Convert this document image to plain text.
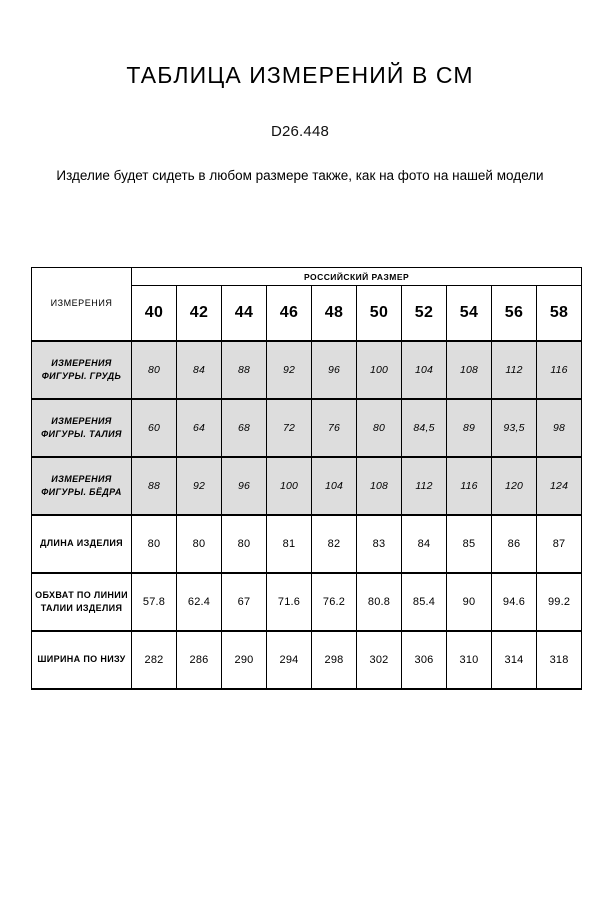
ТАБЛИЦА ИЗМЕРЕНИЙ В СМ

D26.448

Изделие будет сидеть в любом размере также, как на фото на нашей модели

ИЗМЕРЕНИЯ	РОССИЙСКИЙ РАЗМЕР									
	40	42	44	46	48	50	52	54	56	58
ИЗМЕРЕНИЯ ФИГУРЫ. ГРУДЬ	80	84	88	92	96	100	104	108	112	116
ИЗМЕРЕНИЯ ФИГУРЫ. ТАЛИЯ	60	64	68	72	76	80	84,5	89	93,5	98
ИЗМЕРЕНИЯ ФИГУРЫ. БЁДРА	88	92	96	100	104	108	112	116	120	124
ДЛИНА ИЗДЕЛИЯ	80	80	80	81	82	83	84	85	86	87
ОБХВАТ ПО ЛИНИИ ТАЛИИ ИЗДЕЛИЯ	57.8	62.4	67	71.6	76.2	80.8	85.4	90	94.6	99.2
ШИРИНА ПО НИЗУ	282	286	290	294	298	302	306	310	314	318
